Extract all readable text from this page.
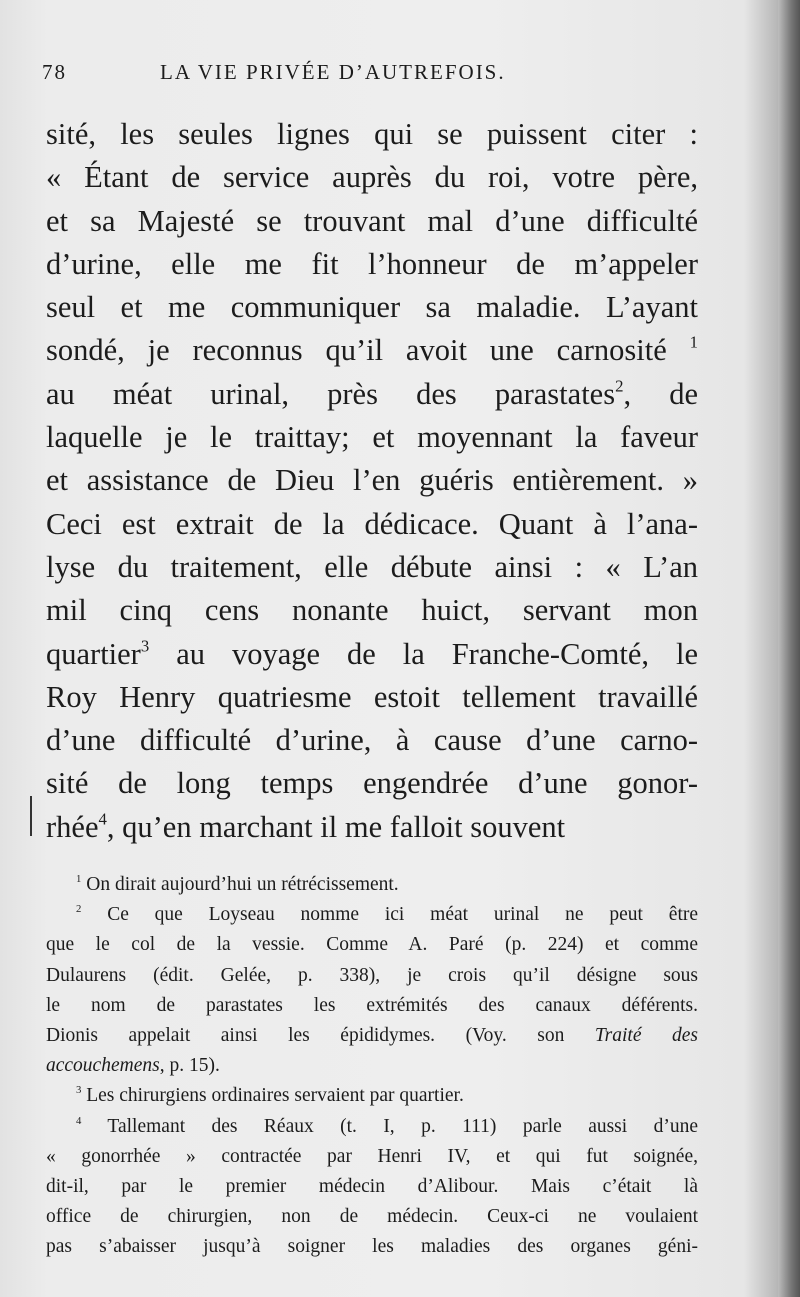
78	LA VIE PRIVÉE D’AUTREFOIS.
sité, les seules lignes qui se puissent citer :
« Étant de service auprès du roi, votre père,
et sa Majesté se trouvant mal d’une difficulté
d’urine, elle me fit l’honneur de m’appeler
seul et me communiquer sa maladie. L’ayant
sondé, je reconnus qu’il avoit une carnosité $^1$
au méat urinal, près des parastates$^2$, de
laquelle je le traittay; et moyennant la faveur
et assistance de Dieu l’en guéris entièrement. »
Ceci est extrait de la dédicace. Quant à l’ana-
lyse du traitement, elle débute ainsi : « L’an
mil cinq cens nonante huict, servant mon
quartier$^3$ au voyage de la Franche-Comté, le
Roy Henry quatriesme estoit tellement travaillé
d’une difficulté d’urine, à cause d’une carno-
sité de long temps engendrée d’une gonor-
rhée$^4$, qu’en marchant il me falloit souvent
$^1$ On dirait aujourd’hui un rétrécissement.
$^2$ Ce que Loyseau nomme ici méat urinal ne peut être
que le col de la vessie. Comme A. Paré (p. 224) et comme
Dulaurens (édit. Gelée, p. 338), je crois qu’il désigne sous
le nom de parastates les extrémités des canaux déférents.
Dionis appelait ainsi les épididymes. (Voy. son Traité des
accouchemens, p. 15).
$^3$ Les chirurgiens ordinaires servaient par quartier.
$^4$ Tallemant des Réaux (t. I, p. 111) parle aussi d’une
« gonorrhée » contractée par Henri IV, et qui fut soignée,
dit-il, par le premier médecin d’Alibour. Mais c’était là
office de chirurgien, non de médecin. Ceux-ci ne voulaient
pas s’abaisser jusqu’à soigner les maladies des organes géni-
